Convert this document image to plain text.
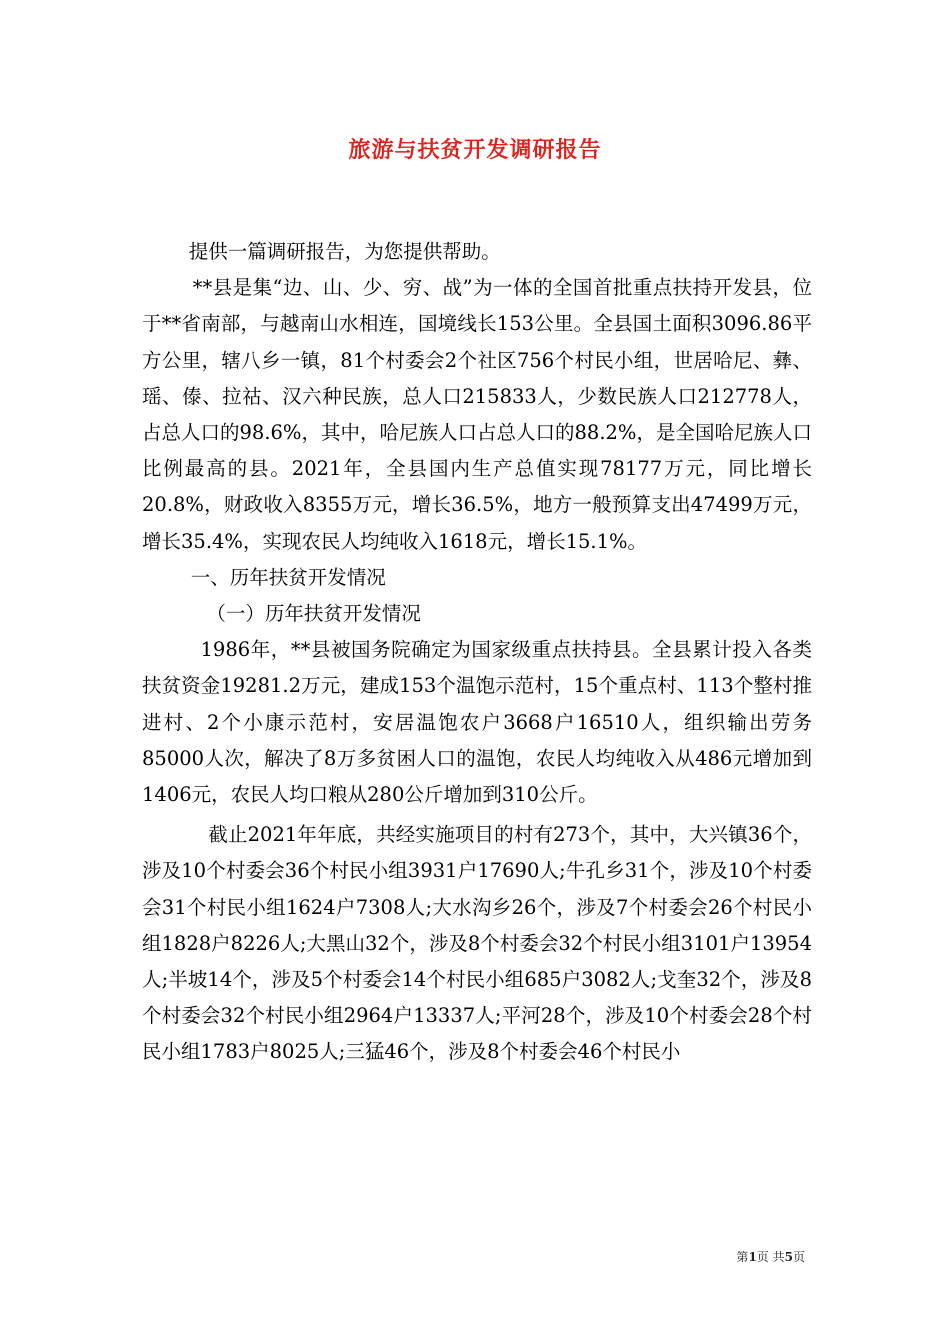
旅游与扶贫开发调研报告

提供一篇调研报告，为您提供帮助。

**县是集“边、山、少、穷、战”为一体的全国首批重点扶持开发县，位于**省南部，与越南山水相连，国境线长153公里。全县国土面积3096.86平方公里，辖八乡一镇，81个村委会2个社区756个村民小组，世居哈尼、彝、瑶、傣、拉祜、汉六种民族，总人口215833人，少数民族人口212778人，占总人口的98.6%，其中，哈尼族人口占总人口的88.2%，是全国哈尼族人口比例最高的县。2021年，全县国内生产总值实现78177万元，同比增长20.8%，财政收入8355万元，增长36.5%，地方一般预算支出47499万元，增长35.4%，实现农民人均纯收入1618元，增长15.1%。

一、历年扶贫开发情况

（一）历年扶贫开发情况

1986年，**县被国务院确定为国家级重点扶持县。全县累计投入各类扶贫资金19281.2万元，建成153个温饱示范村，15个重点村、113个整村推进村、2个小康示范村，安居温饱农户3668户16510人，组织输出劳务85000人次，解决了8万多贫困人口的温饱，农民人均纯收入从486元增加到1406元，农民人均口粮从280公斤增加到310公斤。

截止2021年年底，共经实施项目的村有273个，其中，大兴镇36个，涉及10个村委会36个村民小组3931户17690人;牛孔乡31个，涉及10个村委会31个村民小组1624户7308人;大水沟乡26个，涉及7个村委会26个村民小组1828户8226人;大黑山32个，涉及8个村委会32个村民小组3101户13954人;半坡14个，涉及5个村委会14个村民小组685户3082人;戈奎32个，涉及8个村委会32个村民小组2964户13337人;平河28个，涉及10个村委会28个村民小组1783户8025人;三猛46个，涉及8个村委会46个村民小

第1页 共5页
